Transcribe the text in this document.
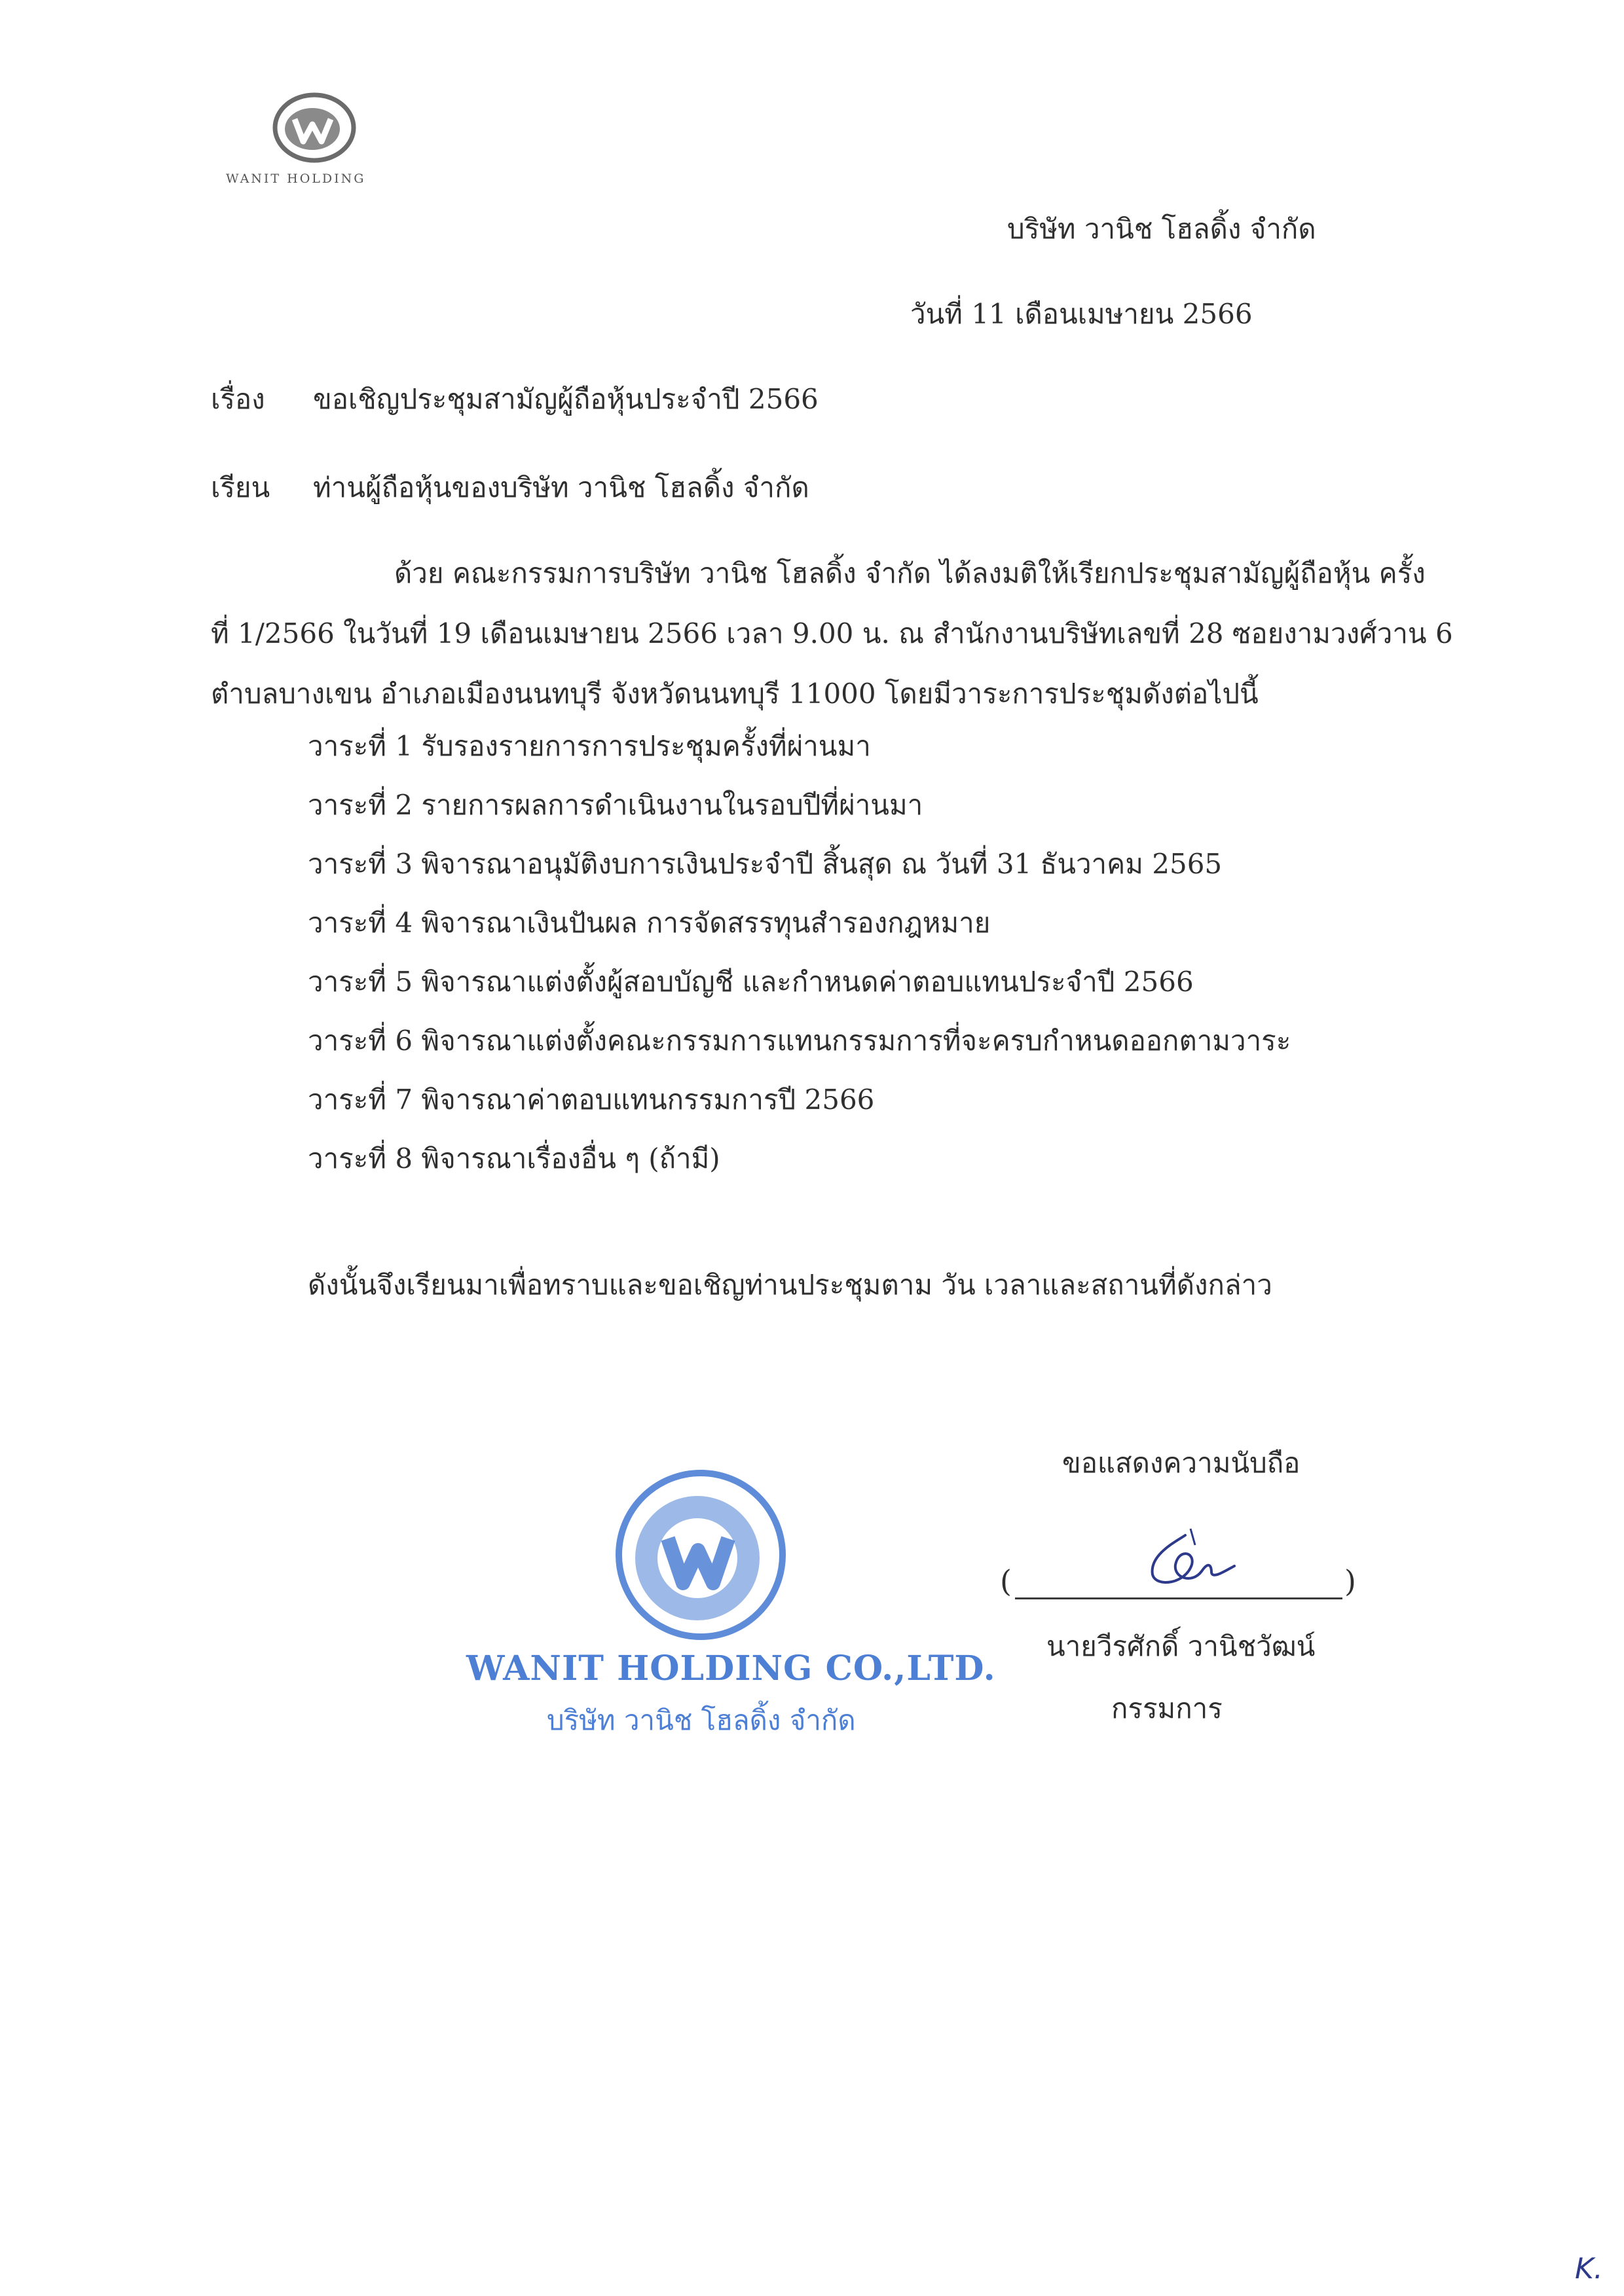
WANIT HOLDING
บริษัท วานิช โฮลดิ้ง จำกัด
วันที่ 11 เดือนเมษายน 2566
เรื่อง ขอเชิญประชุมสามัญผู้ถือหุ้นประจำปี 2566
เรียน ท่านผู้ถือหุ้นของบริษัท วานิช โฮลดิ้ง จำกัด
ด้วย คณะกรรมการบริษัท วานิช โฮลดิ้ง จำกัด ได้ลงมติให้เรียกประชุมสามัญผู้ถือหุ้น ครั้ง
ที่ 1/2566 ในวันที่ 19 เดือนเมษายน 2566 เวลา 9.00 น. ณ สำนักงานบริษัทเลขที่ 28 ซอยงามวงศ์วาน 6
ตำบลบางเขน อำเภอเมืองนนทบุรี จังหวัดนนทบุรี 11000 โดยมีวาระการประชุมดังต่อไปนี้
วาระที่ 1 รับรองรายการการประชุมครั้งที่ผ่านมา
วาระที่ 2 รายการผลการดำเนินงานในรอบปีที่ผ่านมา
วาระที่ 3 พิจารณาอนุมัติงบการเงินประจำปี สิ้นสุด ณ วันที่ 31 ธันวาคม 2565
วาระที่ 4 พิจารณาเงินปันผล การจัดสรรทุนสำรองกฎหมาย
วาระที่ 5 พิจารณาแต่งตั้งผู้สอบบัญชี และกำหนดค่าตอบแทนประจำปี 2566
วาระที่ 6 พิจารณาแต่งตั้งคณะกรรมการแทนกรรมการที่จะครบกำหนดออกตามวาระ
วาระที่ 7 พิจารณาค่าตอบแทนกรรมการปี 2566
วาระที่ 8 พิจารณาเรื่องอื่น ๆ (ถ้ามี)
ดังนั้นจึงเรียนมาเพื่อทราบและขอเชิญท่านประชุมตาม วัน เวลาและสถานที่ดังกล่าว
ขอแสดงความนับถือ
(	)
นายวีรศักดิ์ วานิชวัฒน์
กรรมการ
WANIT HOLDING CO.,LTD.
บริษัท วานิช โฮลดิ้ง จำกัด
K.
